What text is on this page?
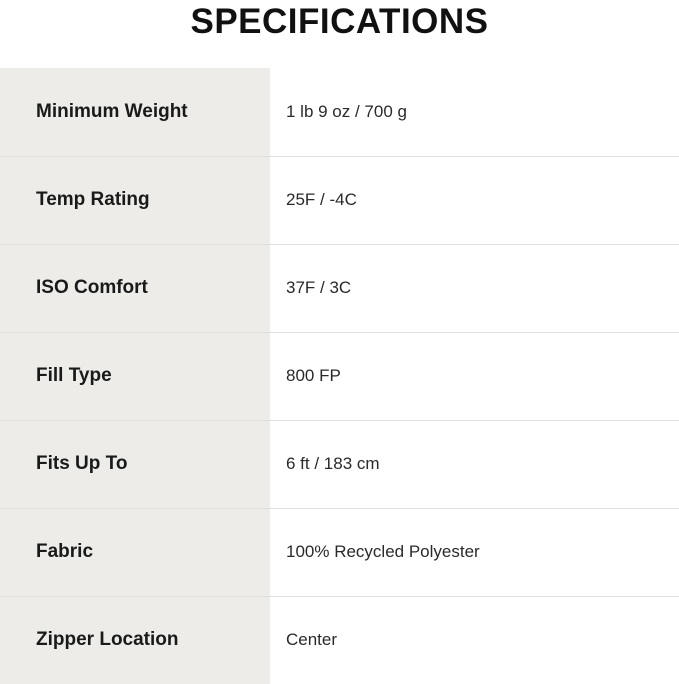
SPECIFICATIONS
Minimum Weight	1 lb 9 oz / 700 g
Temp Rating	25F / -4C
ISO Comfort	37F / 3C
Fill Type	800 FP
Fits Up To	6 ft / 183 cm
Fabric	100% Recycled Polyester
Zipper Location	Center
